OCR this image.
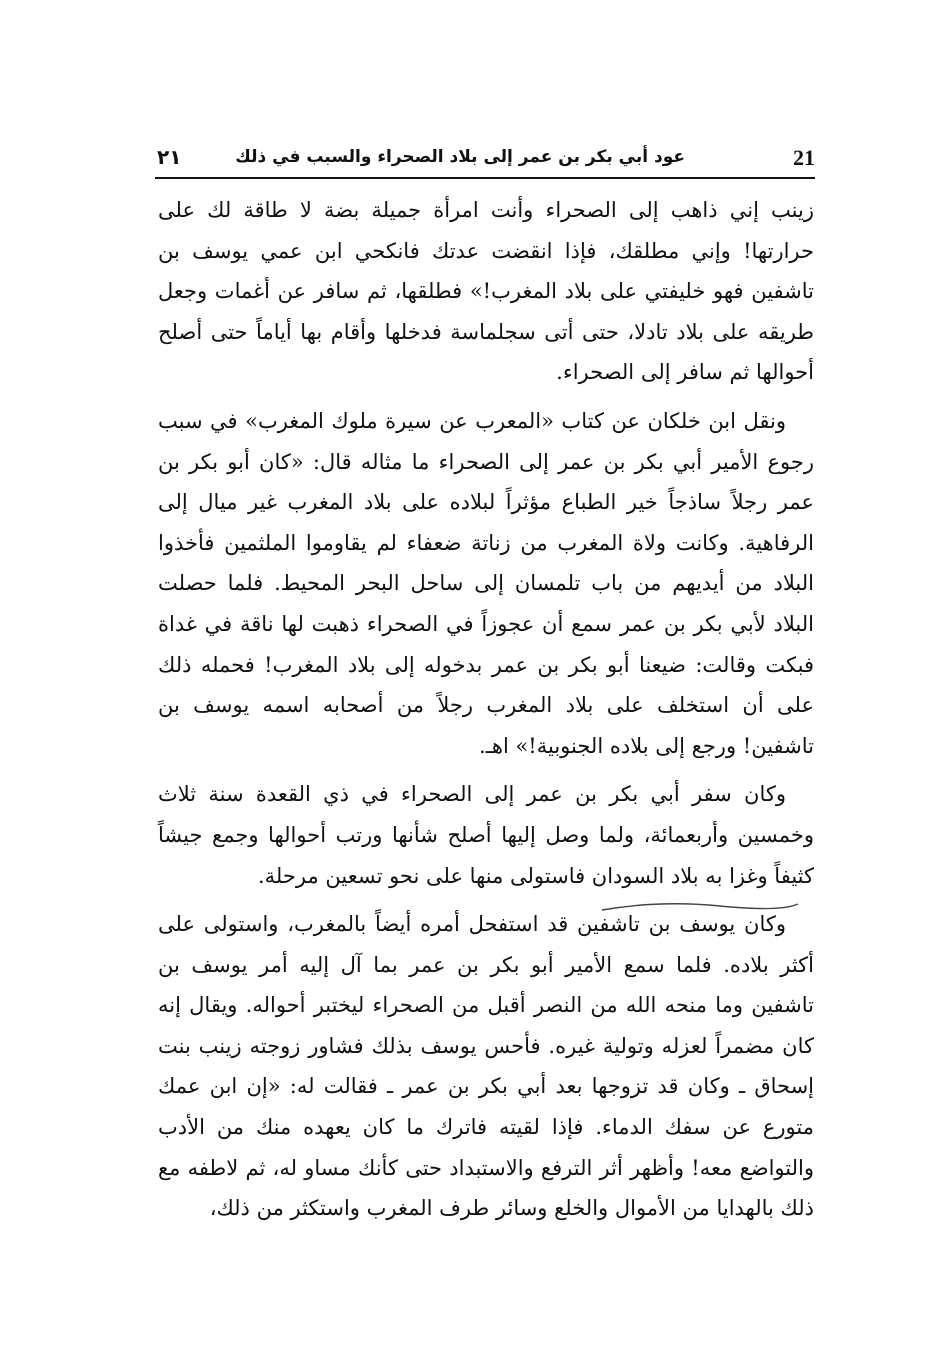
21
عود أبي بكر بن عمر إلى بلاد الصحراء والسبب في ذلك
٢١

زينب إني ذاهب إلى الصحراء وأنت امرأة جميلة بضة لا طاقة لك على حرارتها! وإني مطلقك، فإذا انقضت عدتك فانكحي ابن عمي يوسف بن تاشفين فهو خليفتي على بلاد المغرب!» فطلقها، ثم سافر عن أغمات وجعل طريقه على بلاد تادلا، حتى أتى سجلماسة فدخلها وأقام بها أياماً حتى أصلح أحوالها ثم سافر إلى الصحراء.

ونقل ابن خلكان عن كتاب «المعرب عن سيرة ملوك المغرب» في سبب رجوع الأمير أبي بكر بن عمر إلى الصحراء ما مثاله قال: «كان أبو بكر بن عمر رجلاً ساذجاً خير الطباع مؤثراً لبلاده على بلاد المغرب غير ميال إلى الرفاهية. وكانت ولاة المغرب من زناتة ضعفاء لم يقاوموا الملثمين فأخذوا البلاد من أيديهم من باب تلمسان إلى ساحل البحر المحيط. فلما حصلت البلاد لأبي بكر بن عمر سمع أن عجوزاً في الصحراء ذهبت لها ناقة في غداة فبكت وقالت: ضيعنا أبو بكر بن عمر بدخوله إلى بلاد المغرب! فحمله ذلك على أن استخلف على بلاد المغرب رجلاً من أصحابه اسمه يوسف بن تاشفين! ورجع إلى بلاده الجنوبية!» اهـ.

وكان سفر أبي بكر بن عمر إلى الصحراء في ذي القعدة سنة ثلاث وخمسين وأربعمائة، ولما وصل إليها أصلح شأنها ورتب أحوالها وجمع جيشاً كثيفاً وغزا به بلاد السودان فاستولى منها على نحو تسعين مرحلة.

وكان يوسف بن تاشفين قد استفحل أمره أيضاً بالمغرب، واستولى على أكثر بلاده. فلما سمع الأمير أبو بكر بن عمر بما آل إليه أمر يوسف بن تاشفين وما منحه الله من النصر أقبل من الصحراء ليختبر أحواله. ويقال إنه كان مضمراً لعزله وتولية غيره. فأحس يوسف بذلك فشاور زوجته زينب بنت إسحاق ـ وكان قد تزوجها بعد أبي بكر بن عمر ـ فقالت له: «إن ابن عمك متورع عن سفك الدماء. فإذا لقيته فاترك ما كان يعهده منك من الأدب والتواضع معه! وأظهر أثر الترفع والاستبداد حتى كأنك مساو له، ثم لاطفه مع ذلك بالهدايا من الأموال والخلع وسائر طرف المغرب واستكثر من ذلك،
